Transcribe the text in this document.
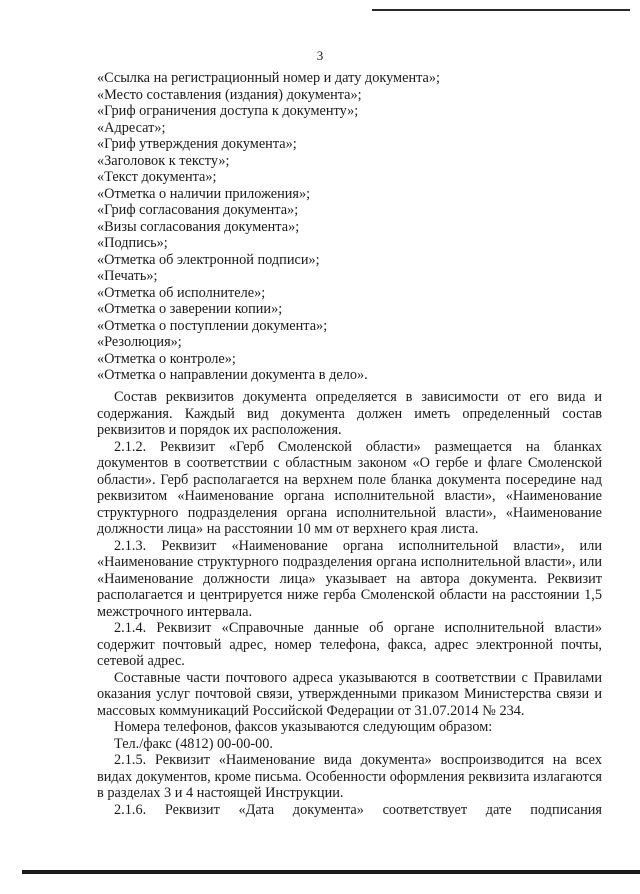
3
«Ссылка на регистрационный номер и дату документа»;
«Место составления (издания) документа»;
«Гриф ограничения доступа к документу»;
«Адресат»;
«Гриф утверждения документа»;
«Заголовок к тексту»;
«Текст документа»;
«Отметка о наличии приложения»;
«Гриф согласования документа»;
«Визы согласования документа»;
«Подпись»;
«Отметка об электронной подписи»;
«Печать»;
«Отметка об исполнителе»;
«Отметка о заверении копии»;
«Отметка о поступлении документа»;
«Резолюция»;
«Отметка о контроле»;
«Отметка о направлении документа в дело».

Состав реквизитов документа определяется в зависимости от его вида и содержания. Каждый вид документа должен иметь определенный состав реквизитов и порядок их расположения.

2.1.2. Реквизит «Герб Смоленской области» размещается на бланках документов в соответствии с областным законом «О гербе и флаге Смоленской области». Герб располагается на верхнем поле бланка документа посередине над реквизитом «Наименование органа исполнительной власти», «Наименование структурного подразделения органа исполнительной власти», «Наименование должности лица» на расстоянии 10 мм от верхнего края листа.

2.1.3. Реквизит «Наименование органа исполнительной власти», или «Наименование структурного подразделения органа исполнительной власти», или «Наименование должности лица» указывает на автора документа. Реквизит располагается и центрируется ниже герба Смоленской области на расстоянии 1,5 межстрочного интервала.

2.1.4. Реквизит «Справочные данные об органе исполнительной власти» содержит почтовый адрес, номер телефона, факса, адрес электронной почты, сетевой адрес.

Составные части почтового адреса указываются в соответствии с Правилами оказания услуг почтовой связи, утвержденными приказом Министерства связи и массовых коммуникаций Российской Федерации от 31.07.2014 № 234.

Номера телефонов, факсов указываются следующим образом:

Тел./факс (4812) 00-00-00.

2.1.5. Реквизит «Наименование вида документа» воспроизводится на всех видах документов, кроме письма. Особенности оформления реквизита излагаются в разделах 3 и 4 настоящей Инструкции.

2.1.6. Реквизит «Дата документа» соответствует дате подписания
